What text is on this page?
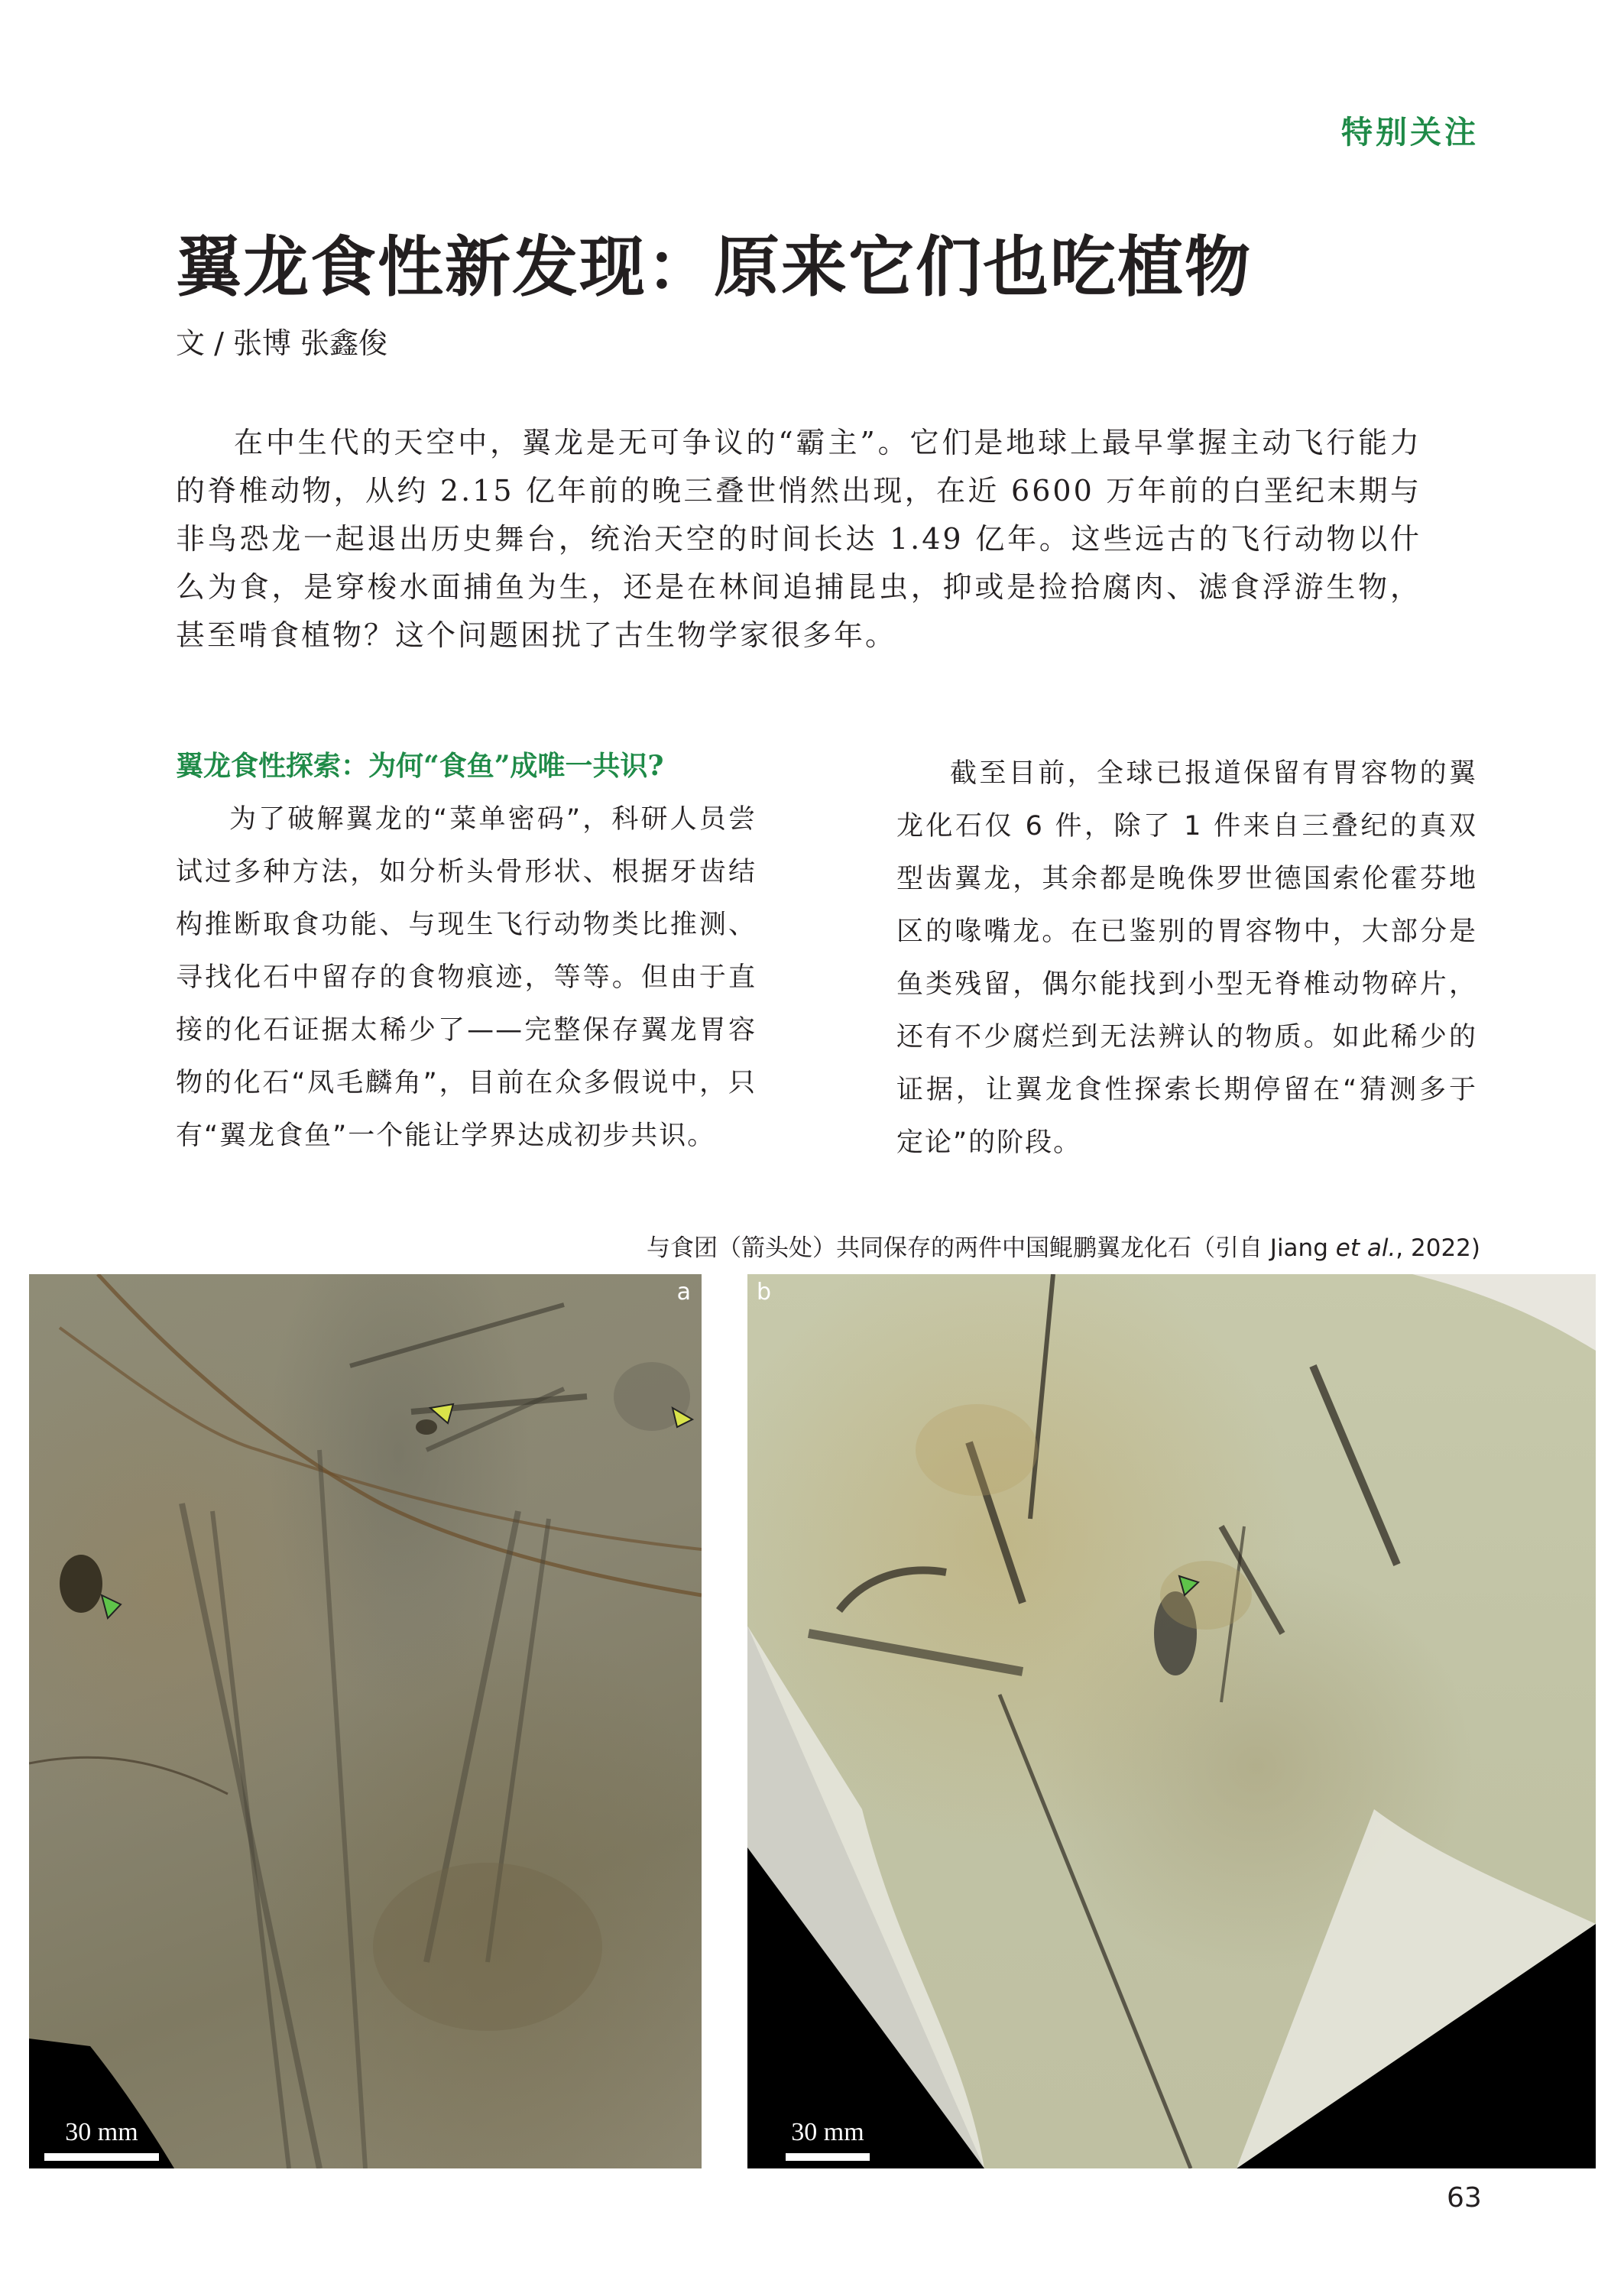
特别关注
翼龙食性新发现：原来它们也吃植物
文 / 张博 张鑫俊

在中生代的天空中，翼龙是无可争议的“霸主”。它们是地球上最早掌握主动飞行能力的脊椎动物，从约 2.15 亿年前的晚三叠世悄然出现，在近 6600 万年前的白垩纪末期与非鸟恐龙一起退出历史舞台，统治天空的时间长达 1.49 亿年。这些远古的飞行动物以什么为食，是穿梭水面捕鱼为生，还是在林间追捕昆虫，抑或是捡拾腐肉、滤食浮游生物，甚至啃食植物？这个问题困扰了古生物学家很多年。

翼龙食性探索：为何“食鱼”成唯一共识?

为了破解翼龙的“菜单密码”，科研人员尝试过多种方法，如分析头骨形状、根据牙齿结构推断取食功能、与现生飞行动物类比推测、寻找化石中留存的食物痕迹，等等。但由于直接的化石证据太稀少了——完整保存翼龙胃容物的化石“凤毛麟角”，目前在众多假说中，只有“翼龙食鱼”一个能让学界达成初步共识。

截至目前，全球已报道保留有胃容物的翼龙化石仅 6 件，除了 1 件来自三叠纪的真双型齿翼龙，其余都是晚侏罗世德国索伦霍芬地区的喙嘴龙。在已鉴别的胃容物中，大部分是鱼类残留，偶尔能找到小型无脊椎动物碎片，还有不少腐烂到无法辨认的物质。如此稀少的证据，让翼龙食性探索长期停留在“猜测多于定论”的阶段。

与食团（箭头处）共同保存的两件中国鲲鹏翼龙化石（引自 Jiang et al., 2022)
a
30 mm
b
30 mm
63
